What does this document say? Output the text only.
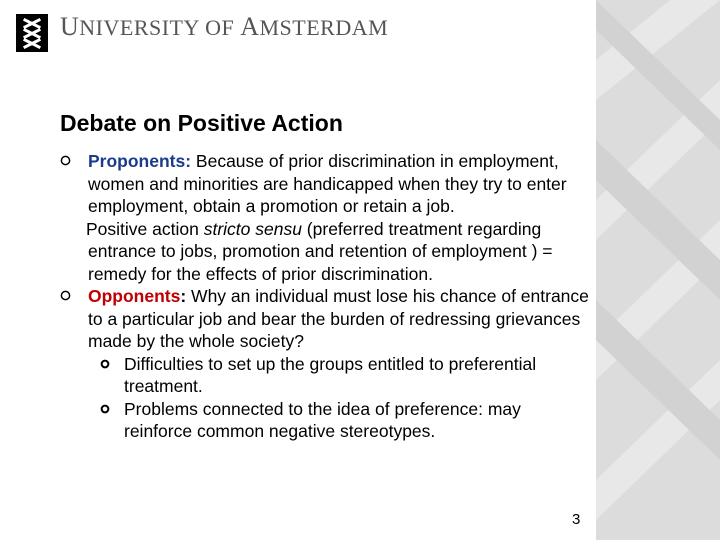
UNIVERSITY OF AMSTERDAM
Debate on Positive Action

Proponents: Because of prior discrimination in employment, women and minorities are handicapped when they try to enter employment, obtain a promotion or retain a job.

Positive action stricto sensu (preferred treatment regarding entrance to jobs, promotion and retention of employment ) = remedy for the effects of prior discrimination.

Opponents: Why an individual must lose his chance of entrance to a particular job and bear the burden of redressing grievances made by the whole society?

Difficulties to set up the groups entitled to preferential treatment.

Problems connected to the idea of preference: may reinforce common negative stereotypes.

3
